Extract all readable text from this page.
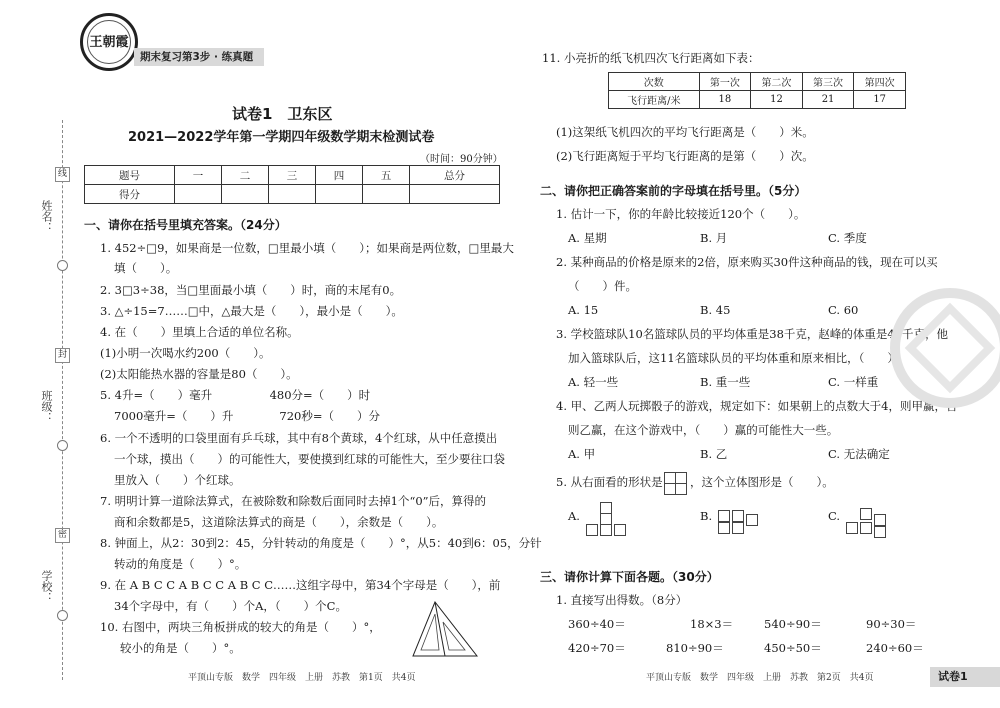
姓名：
班级：
学校：
线
封
密
王朝霞
期末复习第3步 · 练真题
试卷1　卫东区
2021—2022学年第一学期四年级数学期末检测试卷
（时间：90分钟）
题号	一	二	三	四	五	总分
得分						
一、请你在括号里填充答案。（24分）
1. 452÷□9，如果商是一位数，□里最小填（　　）；如果商是两位数，□里最大
填（　　）。
2. 3□3÷38，当□里面最小填（　　）时，商的末尾有0。
3. △÷15=7……□中，△最大是（　　），最小是（　　）。
4. 在（　　）里填上合适的单位名称。
(1)小明一次喝水约200（　　）。
(2)太阳能热水器的容量是80（　　）。
5. 4升=（　　）毫升　　　　　480分=（　　）时
7000毫升=（　　）升　　　　720秒=（　　）分
6. 一个不透明的口袋里面有乒乓球，其中有8个黄球，4个红球，从中任意摸出
一个球，摸出（　　）的可能性大，要使摸到红球的可能性大，至少要往口袋
里放入（　　）个红球。
7. 明明计算一道除法算式，在被除数和除数后面同时去掉1个“0”后，算得的
商和余数都是5，这道除法算式的商是（　　），余数是（　　）。
8. 钟面上，从2：30到2：45，分针转动的角度是（　　）°，从5：40到6：05，分针
转动的角度是（　　）°。
9. 在 A B C C A B C C A B C C……这组字母中，第34个字母是（　　），前
34个字母中，有（　　）个A，（　　）个C。
10. 右图中，两块三角板拼成的较大的角是（　　）°，
较小的角是（　　）°。
平顶山专版　数学　四年级　上册　苏教　第1页　共4页
11. 小亮折的纸飞机四次飞行距离如下表：
次数	第一次	第二次	第三次	第四次
飞行距离/米	18	12	21	17
(1)这架纸飞机四次的平均飞行距离是（　　）米。
(2)飞行距离短于平均飞行距离的是第（　　）次。
二、请你把正确答案前的字母填在括号里。（5分）
1. 估计一下，你的年龄比较接近120个（　　）。
A. 星期	B. 月	C. 季度
2. 某种商品的价格是原来的2倍，原来购买30件这种商品的钱，现在可以买
（　　）件。
A. 15	B. 45	C. 60
3. 学校篮球队10名篮球队员的平均体重是38千克，赵峰的体重是45千克，他
加入篮球队后，这11名篮球队员的平均体重和原来相比，（　　）。
A. 轻一些	B. 重一些	C. 一样重
4. 甲、乙两人玩掷骰子的游戏，规定如下：如果朝上的点数大于4，则甲赢，否
则乙赢，在这个游戏中，（　　）赢的可能性大一些。
A. 甲	B. 乙	C. 无法确定
5. 从右面看的形状是 ，这个立体图形是（　　）。
A.	B.	C.
三、请你计算下面各题。（30分）
1. 直接写出得数。（8分）
360÷40＝	18×3＝	540÷90＝	90÷30＝
420÷70＝	810÷90＝	450÷50＝	240÷60＝
平顶山专版　数学　四年级　上册　苏教　第2页　共4页	试卷1
